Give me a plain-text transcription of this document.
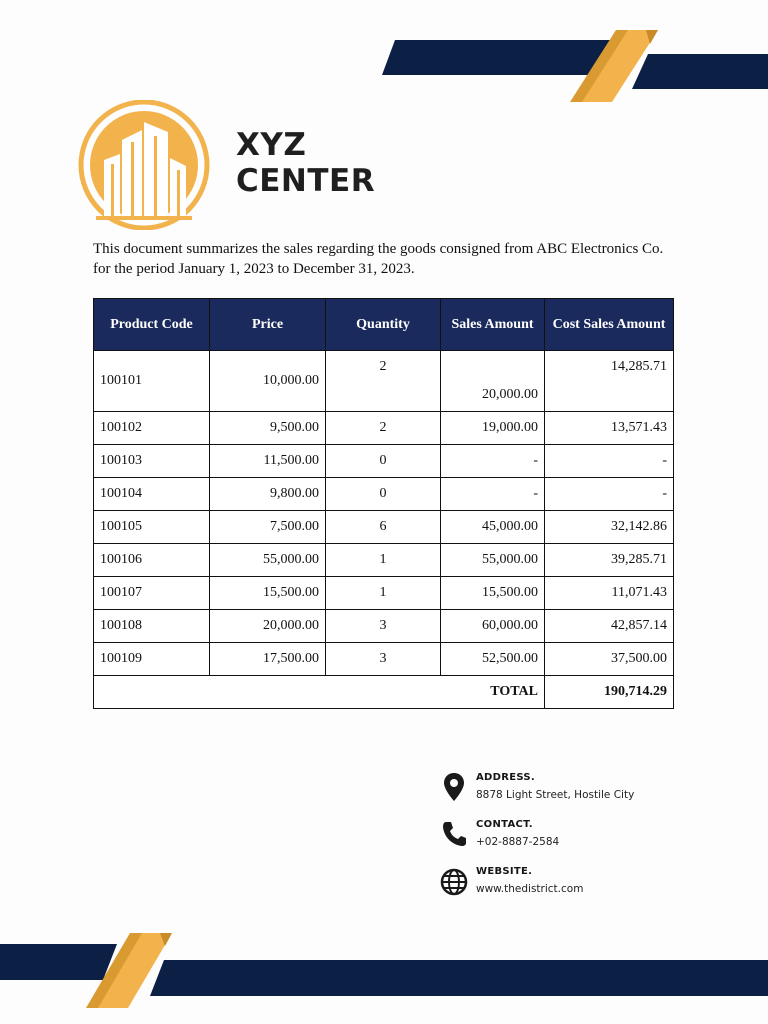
XYZ
CENTER
This document summarizes the sales regarding the goods consigned from ABC Electronics Co. for the period January 1, 2023 to December 31, 2023.
Product Code	Price	Quantity	Sales Amount	Cost Sales Amount
100101	10,000.00	2	20,000.00	14,285.71
100102	9,500.00	2	19,000.00	13,571.43
100103	11,500.00	0	-	-
100104	9,800.00	0	-	-
100105	7,500.00	6	45,000.00	32,142.86
100106	55,000.00	1	55,000.00	39,285.71
100107	15,500.00	1	15,500.00	11,071.43
100108	20,000.00	3	60,000.00	42,857.14
100109	17,500.00	3	52,500.00	37,500.00
TOTAL				190,714.29
ADDRESS.
8878 Light Street, Hostile City
CONTACT.
+02-8887-2584
WEBSITE.
www.thedistrict.com
